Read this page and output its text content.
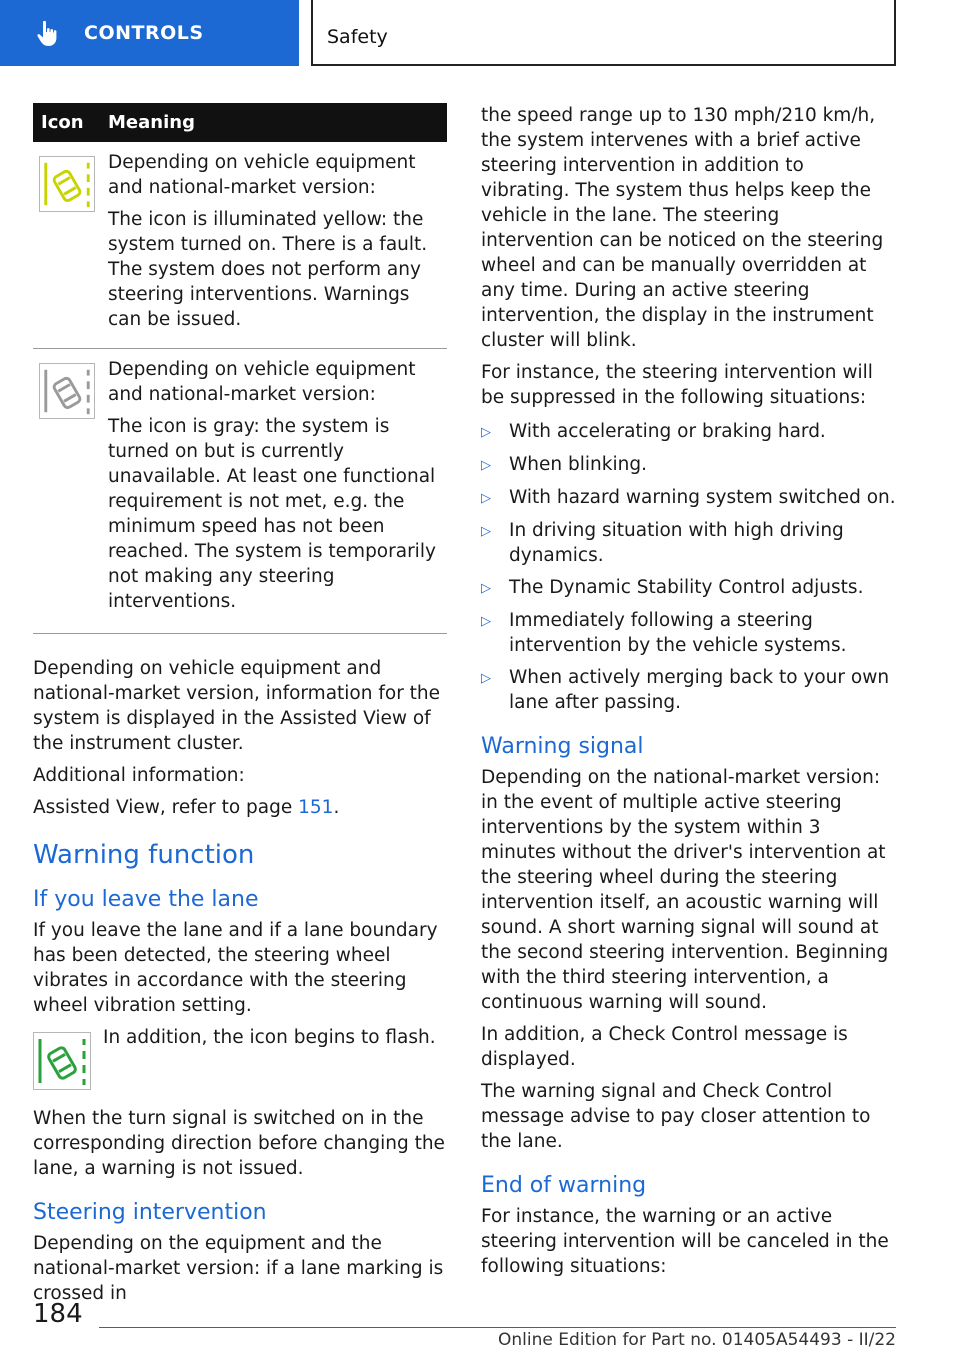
CONTROLS	Safety
Icon	Meaning

Depending on vehicle equipment and national-market version:
The icon is illuminated yellow: the system turned on. There is a fault. The system does not perform any steering interventions. Warnings can be issued.

Depending on vehicle equipment and national-market version:
The icon is gray: the system is turned on but is currently unavailable. At least one functional requirement is not met, e.g. the minimum speed has not been reached. The system is temporarily not making any steering interventions.
Depending on vehicle equipment and national-market version, information for the system is displayed in the Assisted View of the instrument cluster.
Additional information:
Assisted View, refer to page 151.
Warning function
If you leave the lane
If you leave the lane and if a lane boundary has been detected, the steering wheel vibrates in accordance with the steering wheel vibration setting.
In addition, the icon begins to flash.
When the turn signal is switched on in the corresponding direction before changing the lane, a warning is not issued.
Steering intervention
Depending on the equipment and the national-market version: if a lane marking is crossed in
the speed range up to 130 mph/210 km/h, the system intervenes with a brief active steering intervention in addition to vibrating. The system thus helps keep the vehicle in the lane. The steering intervention can be noticed on the steering wheel and can be manually overridden at any time. During an active steering intervention, the display in the instrument cluster will blink.
For instance, the steering intervention will be suppressed in the following situations:
▷ With accelerating or braking hard.
▷ When blinking.
▷ With hazard warning system switched on.
▷ In driving situation with high driving dynamics.
▷ The Dynamic Stability Control adjusts.
▷ Immediately following a steering intervention by the vehicle systems.
▷ When actively merging back to your own lane after passing.
Warning signal
Depending on the national-market version: in the event of multiple active steering interventions by the system within 3 minutes without the driver's intervention at the steering wheel during the steering intervention itself, an acoustic warning will sound. A short warning signal will sound at the second steering intervention. Beginning with the third steering intervention, a continuous warning will sound.
In addition, a Check Control message is displayed.
The warning signal and Check Control message advise to pay closer attention to the lane.
End of warning
For instance, the warning or an active steering intervention will be canceled in the following situations:
184
Online Edition for Part no. 01405A54493 - II/22
